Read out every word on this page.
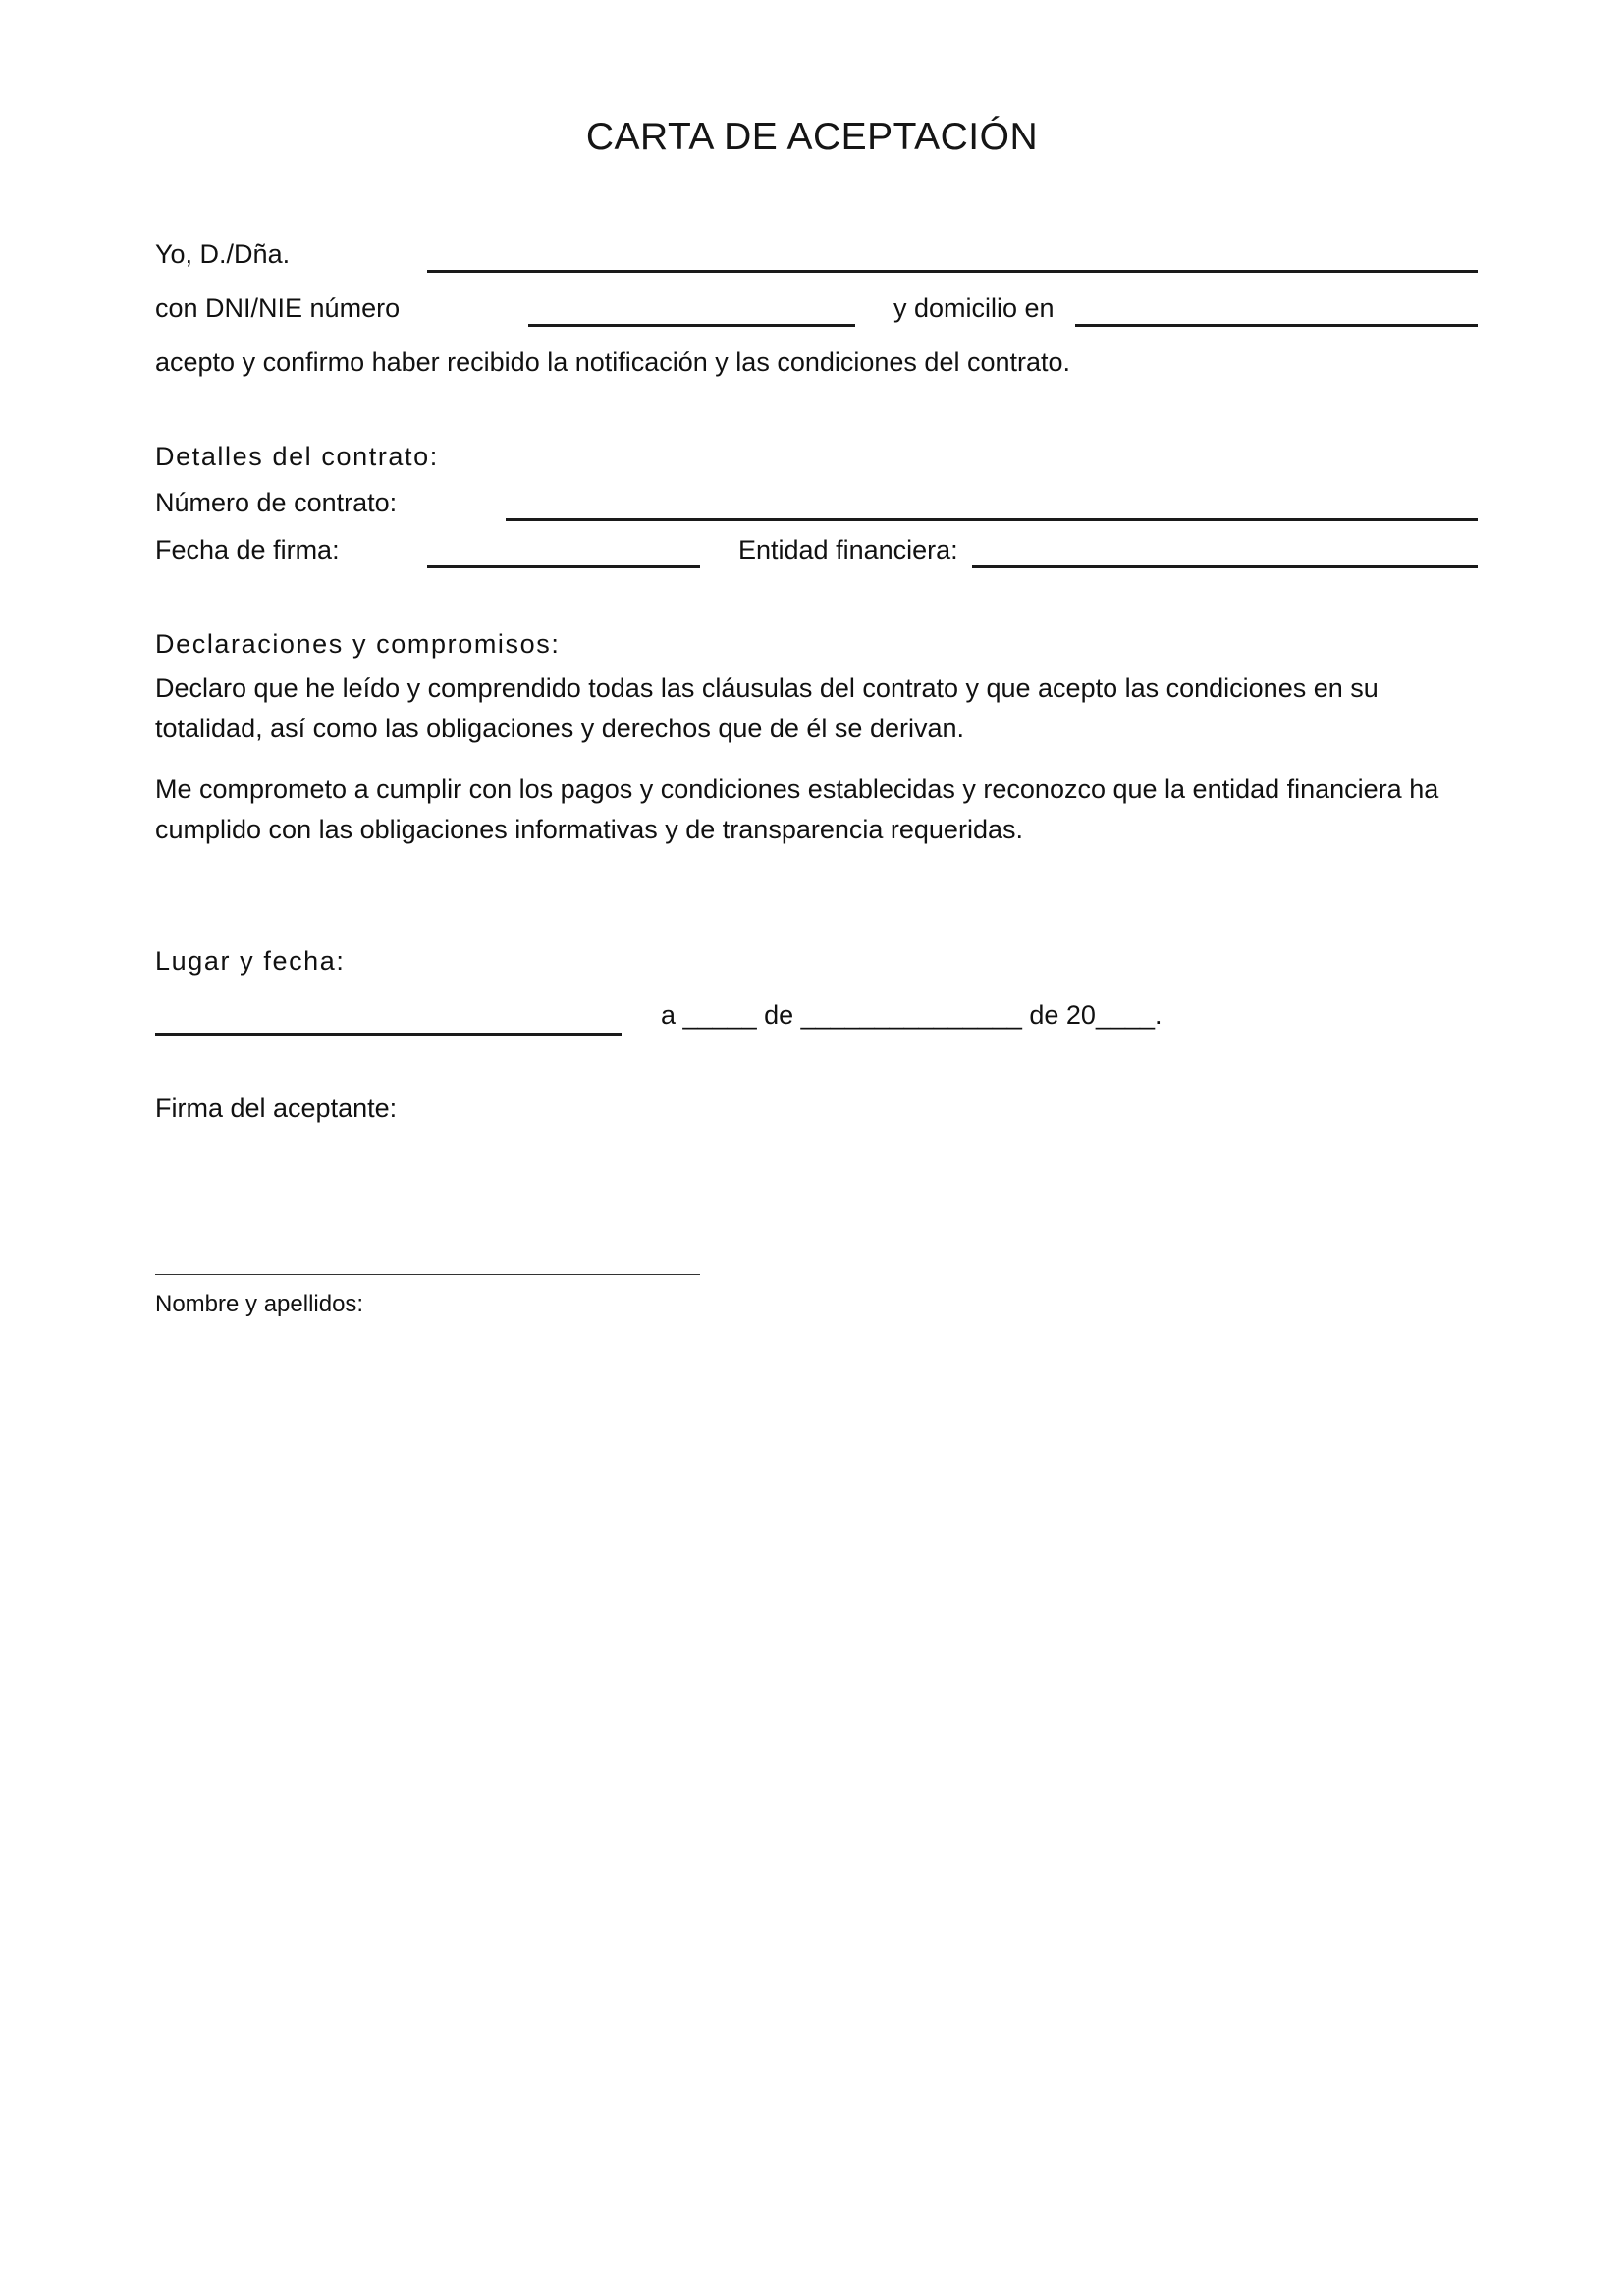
CARTA DE ACEPTACIÓN
Yo, D./Dña.
con DNI/NIE número	y domicilio en
acepto y confirmo haber recibido la notificación y las condiciones del contrato.
Detalles del contrato:
Número de contrato:
Fecha de firma:	Entidad financiera:
Declaraciones y compromisos:
Declaro que he leído y comprendido todas las cláusulas del contrato y que acepto las condiciones en su totalidad, así como las obligaciones y derechos que de él se derivan.
Me comprometo a cumplir con los pagos y condiciones establecidas y reconozco que la entidad financiera ha cumplido con las obligaciones informativas y de transparencia requeridas.
Lugar y fecha:
a _____ de _______________ de 20____.
Firma del aceptante:
Nombre y apellidos:
